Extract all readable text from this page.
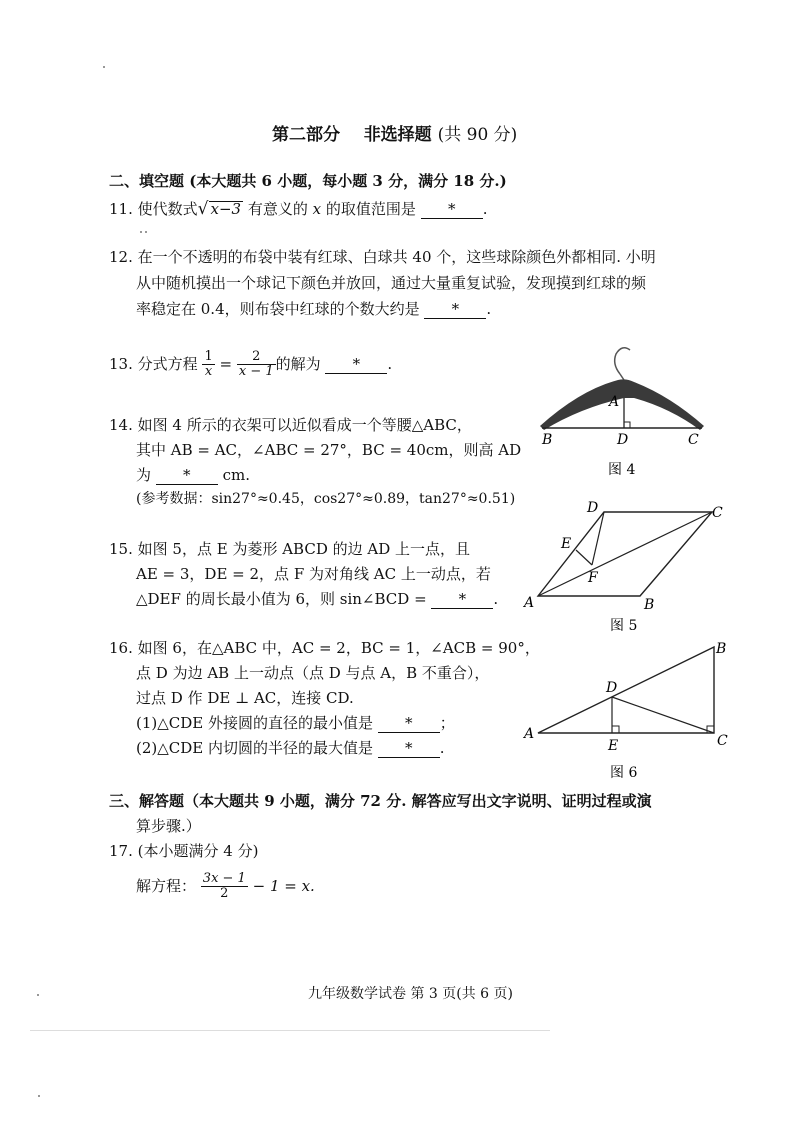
第二部分 非选择题 (共 90 分)
二、填空题 (本大题共 6 小题，每小题 3 分，满分 18 分.)
11. 使代数式√ x−3 有意义的 x 的取值范围是 * .
12. 在一个不透明的布袋中装有红球、白球共 40 个，这些球除颜色外都相同. 小明
从中随机摸出一个球记下颜色并放回，通过大量重复试验，发现摸到红球的频
率稳定在 0.4，则布袋中红球的个数大约是 * .
13. 分式方程 $\frac{1}{x} = \frac{2}{x - 1}$ 的解为 * .
14. 如图 4 所示的衣架可以近似看成一个等腰△ABC，
其中 AB = AC，∠ABC = 27°，BC = 40cm，则高 AD
为 * cm.
(参考数据：sin27°≈0.45，cos27°≈0.89，tan27°≈0.51)
15. 如图 5，点 E 为菱形 ABCD 的边 AD 上一点，且
AE = 3，DE = 2，点 F 为对角线 AC 上一动点，若
△DEF 的周长最小值为 6，则 sin∠BCD = * .
16. 如图 6，在△ABC 中，AC = 2，BC = 1，∠ACB = 90°，
点 D 为边 AB 上一动点（点 D 与点 A，B 不重合），
过点 D 作 DE ⊥ AC，连接 CD.
(1)△CDE 外接圆的直径的最小值是 * ；
(2)△CDE 内切圆的半径的最大值是 * .
三、解答题（本大题共 9 小题，满分 72 分. 解答应写出文字说明、证明过程或演
算步骤.）
17. (本小题满分 4 分)
解方程： $\frac{3x - 1}{2} - 1 = x$.
九年级数学试卷 第 3 页(共 6 页)
A
B	D	C
图 4
A	B
C
D
E
F
图 5
A
B
C
D
E
图 6
